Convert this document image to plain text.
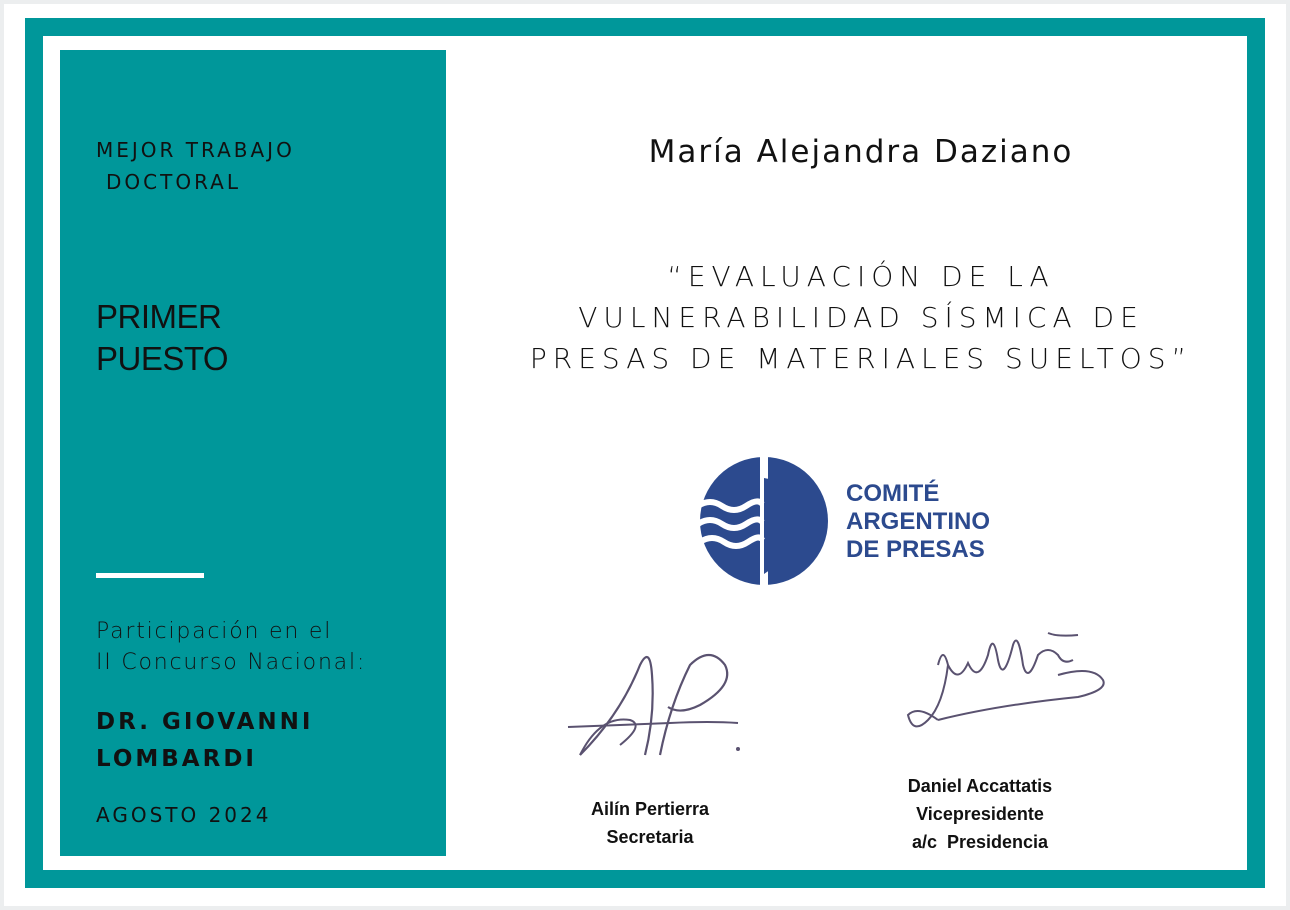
MEJOR TRABAJO
DOCTORAL
PRIMER
PUESTO
Participación en el
II Concurso Nacional:
DR. GIOVANNI
LOMBARDI
AGOSTO 2024
María Alejandra Daziano
“EVALUACIÓN DE LA
VULNERABILIDAD SÍSMICA DE
PRESAS DE MATERIALES SUELTOS”
COMITÉ
ARGENTINO
DE PRESAS
Ailín Pertierra
Secretaria
Daniel Accattatis
Vicepresidente
a/c  Presidencia
